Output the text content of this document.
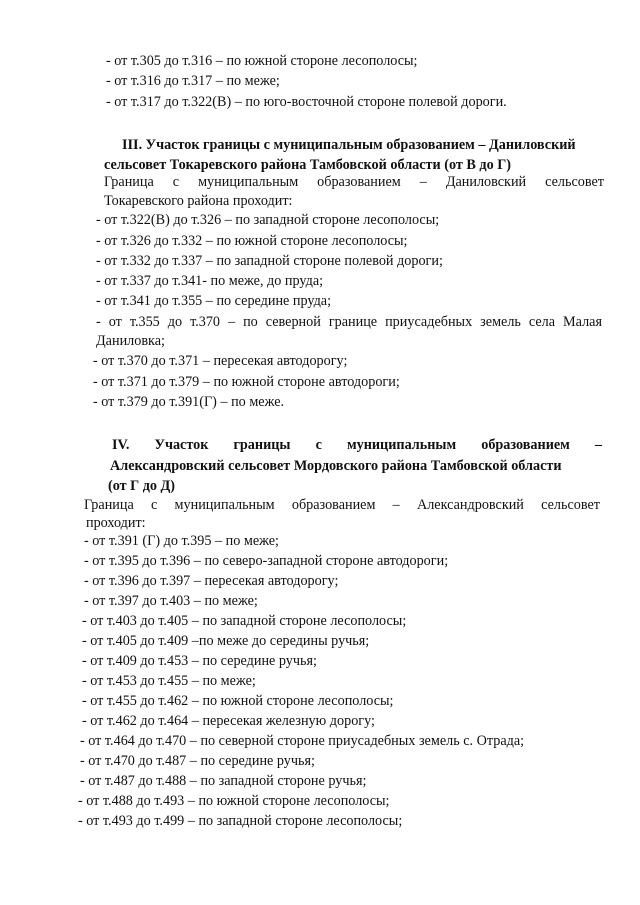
- от т.305 до т.316 – по южной стороне лесополосы;
- от т.316 до т.317 – по меже;
- от т.317 до т.322(В) – по юго-восточной стороне полевой дороги.
III. Участок границы с муниципальным образованием – Даниловский
сельсовет Токаревского района Тамбовской области (от В до Г)
Граница с муниципальным образованием – Даниловский сельсовет
Токаревского района проходит:
- от т.322(В) до т.326 – по западной стороне лесополосы;
- от т.326 до т.332 – по южной стороне лесополосы;
- от т.332 до т.337 – по западной стороне полевой дороги;
- от т.337 до т.341- по меже, до пруда;
- от т.341 до т.355 – по середине пруда;
- от т.355 до т.370 – по северной границе приусадебных земель села Малая
Даниловка;
- от т.370 до т.371 – пересекая автодорогу;
- от т.371 до т.379 – по южной стороне автодороги;
- от т.379 до т.391(Г) – по меже.
IV. Участок границы с муниципальным образованием –
Александровский сельсовет Мордовского района Тамбовской области
(от Г до Д)
Граница с муниципальным образованием – Александровский сельсовет
проходит:
- от т.391 (Г) до т.395 – по меже;
- от т.395 до т.396 – по северо-западной стороне автодороги;
- от т.396 до т.397 – пересекая автодорогу;
- от т.397 до т.403 – по меже;
- от т.403 до т.405 – по западной стороне лесополосы;
- от т.405 до т.409 –по меже до середины ручья;
- от т.409 до т.453 – по середине ручья;
- от т.453 до т.455 – по меже;
- от т.455 до т.462 – по южной стороне лесополосы;
- от т.462 до т.464 – пересекая железную дорогу;
- от т.464 до т.470 – по северной стороне приусадебных земель с. Отрада;
- от т.470 до т.487 – по середине ручья;
- от т.487 до т.488 – по западной стороне ручья;
- от т.488 до т.493 – по южной стороне лесополосы;
- от т.493 до т.499 – по западной стороне лесополосы;
